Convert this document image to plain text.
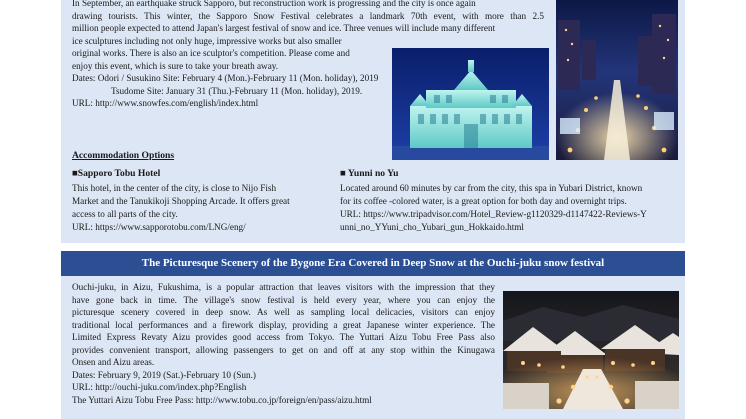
In September, an earthquake struck Sapporo, but reconstruction work is progressing and the city is once again

drawing tourists. This winter, the Sapporo Snow Festival celebrates a landmark 70th event, with more than 2.5

million people expected to attend Japan's largest festival of snow and ice. Three venues will include many different

ice sculptures including not only huge, impressive works but also smaller

original works. There is also an ice sculptor's competition. Please come and

enjoy this event, which is sure to take your breath away.

Dates: Odori / Susukino Site: February 4 (Mon.)-February 11 (Mon. holiday), 2019

Tsudome Site: January 31 (Thu.)-February 11 (Mon. holiday), 2019.

URL: http://www.snowfes.com/english/index.html

Accommodation Options
■Sapporo Tobu Hotel

This hotel, in the center of the city, is close to Nijo Fish

Market and the Tanukikoji Shopping Arcade. It offers great

access to all parts of the city.

URL: https://www.sapporotobu.com/LNG/eng/

■ Yunni no Yu

Located around 60 minutes by car from the city, this spa in Yubari District, known

for its coffee -colored water, is a great option for both day and overnight trips.

URL: https://www.tripadvisor.com/Hotel_Review-g1120329-d1147422-Reviews-Y

unni_no_YYuni_cho_Yubari_gun_Hokkaido.html

The Picturesque Scenery of the Bygone Era Covered in Deep Snow at the Ouchi-juku snow festival

Ouchi-juku, in Aizu, Fukushima, is a popular attraction that leaves visitors with the impression that they

have gone back in time. The village's snow festival is held every year, where you can enjoy the

picturesque scenery covered in deep snow. As well as sampling local delicacies, visitors can enjoy

traditional local performances and a firework display, providing a great Japanese winter experience. The

Limited Express Revaty Aizu provides good access from Tokyo. The Yuttari Aizu Tobu Free Pass also

provides convenient transport, allowing passengers to get on and off at any stop within the Kinugawa

Onsen and Aizu areas.

Dates: February 9, 2019 (Sat.)-February 10 (Sun.)

URL: http://ouchi-juku.com/index.php?English

The Yuttari Aizu Tobu Free Pass: http://www.tobu.co.jp/foreign/en/pass/aizu.html
